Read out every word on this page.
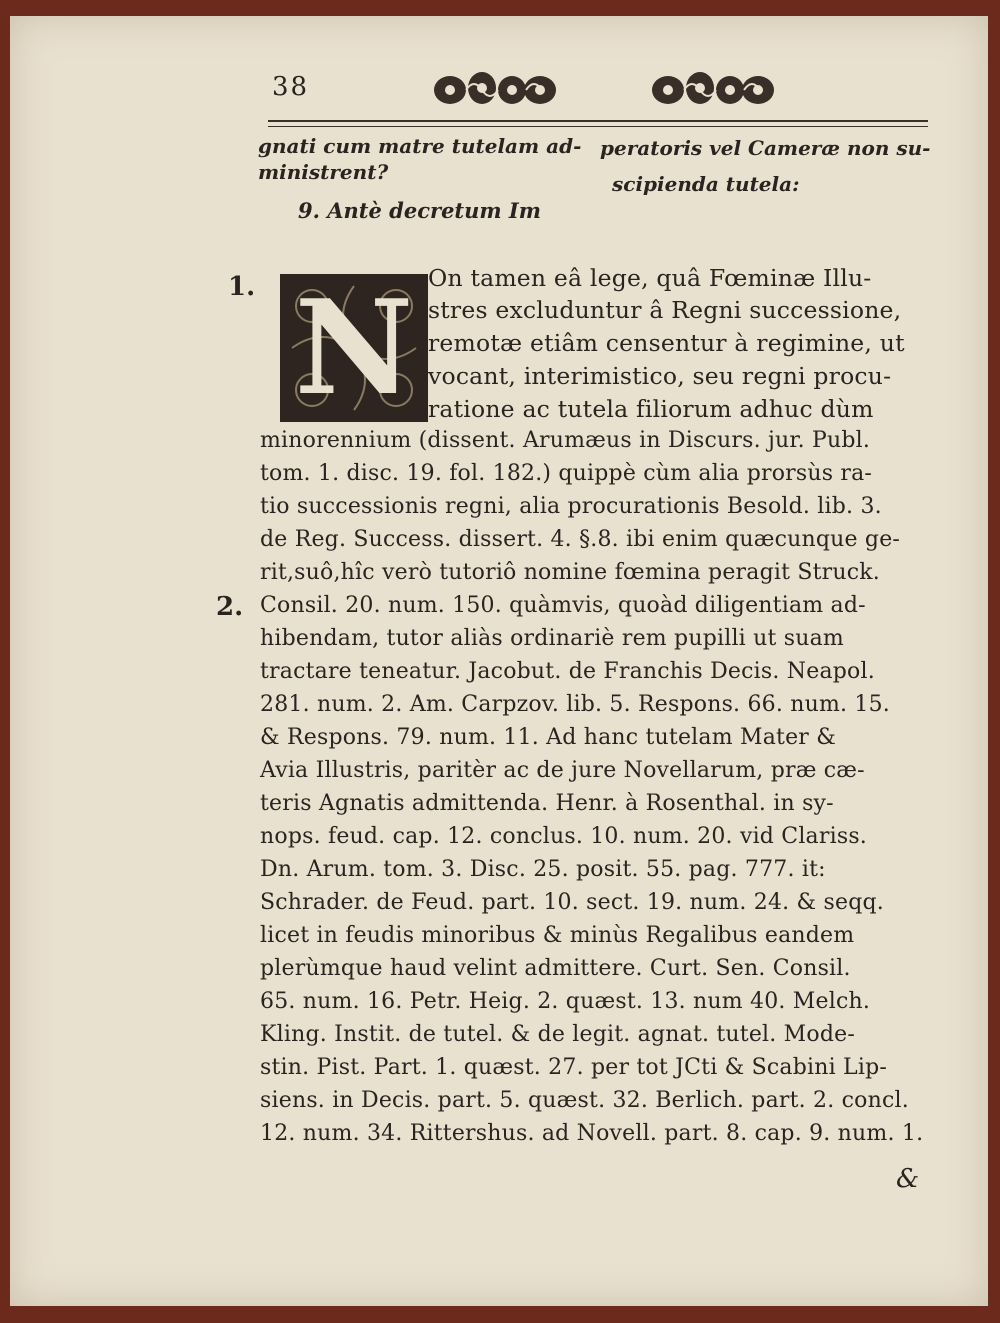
38
gnati cum matre tutelam ad-
ministrent?
9. Antè decretum Im
peratoris vel Cameræ non su-
scipienda tutela:
1.
2.
N On tamen eâ lege, quâ Fœminæ Illu-
stres excluduntur â Regni successione,
remotæ etiâm censentur à regimine, ut
vocant, interimistico, seu regni procu-
ratione ac tutela filiorum adhuc dùm
minorennium (dissent. Arumæus in Discurs. jur. Publ.
tom. 1. disc. 19. fol. 182.) quippè cùm alia prorsùs ra-
tio successionis regni, alia procurationis Besold. lib. 3.
de Reg. Success. dissert. 4. §.8. ibi enim quæcunque ge-
rit,suô,hîc verò tutoriô nomine fœmina peragit Struck.
Consil. 20. num. 150. quàmvis, quoàd diligentiam ad-
hibendam, tutor aliàs ordinariè rem pupilli ut suam
tractare teneatur. Jacobut. de Franchis Decis. Neapol.
281. num. 2. Am. Carpzov. lib. 5. Respons. 66. num. 15.
& Respons. 79. num. 11. Ad hanc tutelam Mater &
Avia Illustris, paritèr ac de jure Novellarum, præ cæ-
teris Agnatis admittenda. Henr. à Rosenthal. in sy-
nops. feud. cap. 12. conclus. 10. num. 20. vid Clariss.
Dn. Arum. tom. 3. Disc. 25. posit. 55. pag. 777. it:
Schrader. de Feud. part. 10. sect. 19. num. 24. & seqq.
licet in feudis minoribus & minùs Regalibus eandem
plerùmque haud velint admittere. Curt. Sen. Consil.
65. num. 16. Petr. Heig. 2. quæst. 13. num 40. Melch.
Kling. Instit. de tutel. & de legit. agnat. tutel. Mode-
stin. Pist. Part. 1. quæst. 27. per tot JCti & Scabini Lip-
siens. in Decis. part. 5. quæst. 32. Berlich. part. 2. concl.
12. num. 34. Rittershus. ad Novell. part. 8. cap. 9. num. 1.
&
